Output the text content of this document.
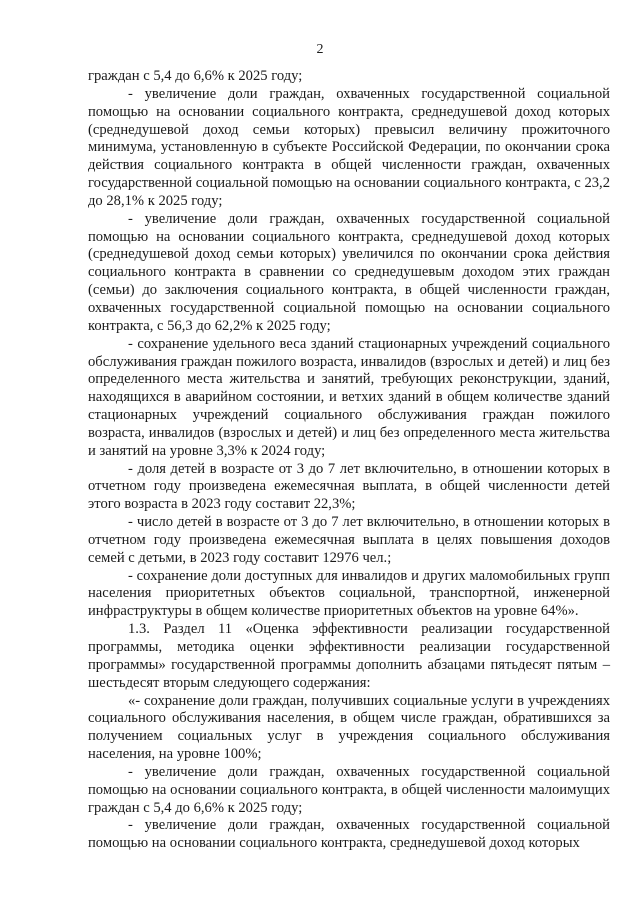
2

граждан с 5,4 до 6,6% к 2025 году;

- увеличение доли граждан, охваченных государственной социальной помощью на основании социального контракта, среднедушевой доход которых (среднедушевой доход семьи которых) превысил величину прожиточного минимума, установленную в субъекте Российской Федерации, по окончании срока действия социального контракта в общей численности граждан, охваченных государственной социальной помощью на основании социального контракта, с 23,2 до 28,1% к 2025 году;

- увеличение доли граждан, охваченных государственной социальной помощью на основании социального контракта, среднедушевой доход которых (среднедушевой доход семьи которых) увеличился по окончании срока действия социального контракта в сравнении со среднедушевым доходом этих граждан (семьи) до заключения социального контракта, в общей численности граждан, охваченных государственной социальной помощью на основании социального контракта, с 56,3 до 62,2% к 2025 году;

- сохранение удельного веса зданий стационарных учреждений социального обслуживания граждан пожилого возраста, инвалидов (взрослых и детей) и лиц без определенного места жительства и занятий, требующих реконструкции, зданий, находящихся в аварийном состоянии, и ветхих зданий в общем количестве зданий стационарных учреждений социального обслуживания граждан пожилого возраста, инвалидов (взрослых и детей) и лиц без определенного места жительства и занятий на уровне 3,3% к 2024 году;

- доля детей в возрасте от 3 до 7 лет включительно, в отношении которых в отчетном году произведена ежемесячная выплата, в общей численности детей этого возраста в 2023 году составит 22,3%;

- число детей в возрасте от 3 до 7 лет включительно, в отношении которых в отчетном году произведена ежемесячная выплата в целях повышения доходов семей с детьми, в 2023 году составит 12976 чел.;

- сохранение доли доступных для инвалидов и других маломобильных групп населения приоритетных объектов социальной, транспортной, инженерной инфраструктуры в общем количестве приоритетных объектов на уровне 64%».

1.3. Раздел 11 «Оценка эффективности реализации государственной программы, методика оценки эффективности реализации государственной программы» государственной программы дополнить абзацами пятьдесят пятым – шестьдесят вторым следующего содержания:

«- сохранение доли граждан, получивших социальные услуги в учреждениях социального обслуживания населения, в общем числе граждан, обратившихся за получением социальных услуг в учреждения социального обслуживания населения, на уровне 100%;

- увеличение доли граждан, охваченных государственной социальной помощью на основании социального контракта, в общей численности малоимущих граждан с 5,4 до 6,6% к 2025 году;

- увеличение доли граждан, охваченных государственной социальной помощью на основании социального контракта, среднедушевой доход которых
